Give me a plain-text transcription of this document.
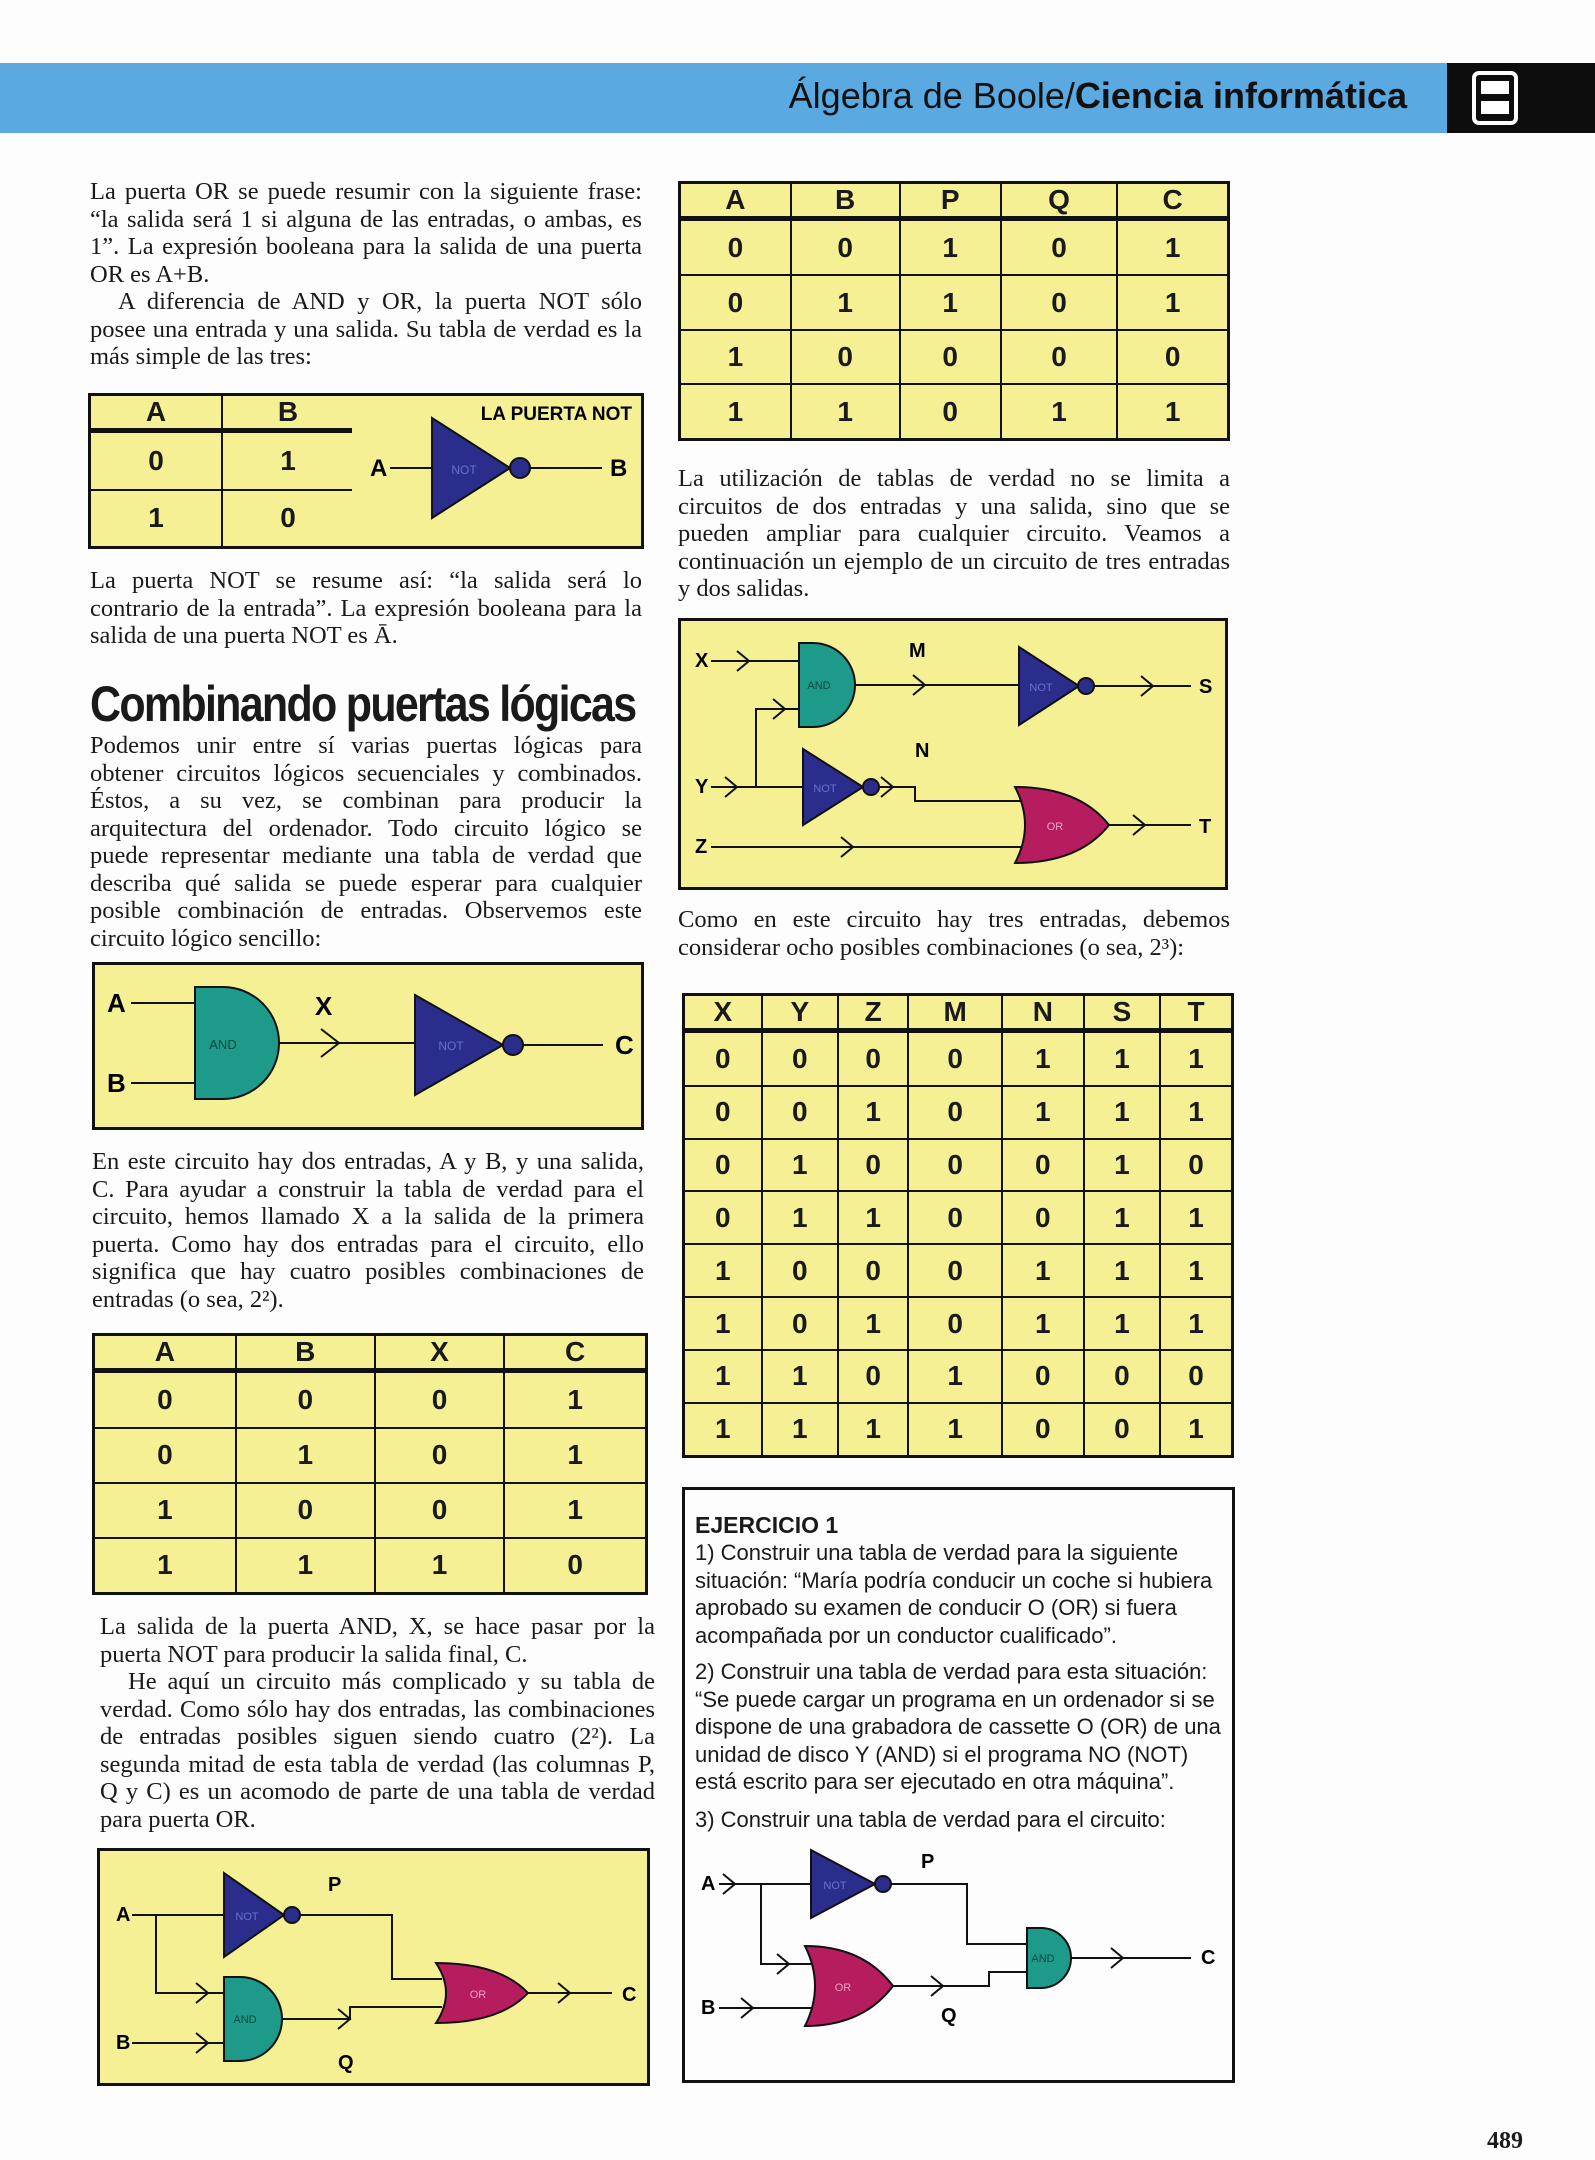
Álgebra de Boole/Ciencia informática

La puerta OR se puede resumir con la siguiente frase: “la salida será 1 si alguna de las entradas, o ambas, es 1”. La expresión booleana para la salida de una puerta OR es A+B.

A diferencia de AND y OR, la puerta NOT sólo posee una entrada y una salida. Su tabla de verdad es la más simple de las tres:

A	B
0	1
1	0
LA PUERTA NOT
A	NOT	B

La puerta NOT se resume así: “la salida será lo contrario de la entrada”. La expresión booleana para la salida de una puerta NOT es Ā.

Combinando puertas lógicas

Podemos unir entre sí varias puertas lógicas para obtener circuitos lógicos secuenciales y combinados. Éstos, a su vez, se combinan para producir la arquitectura del ordenador. Todo circuito lógico se puede representar mediante una tabla de verdad que describa qué salida se puede esperar para cualquier posible combinación de entradas. Observemos este circuito lógico sencillo:

A
B
AND
X
NOT	C

En este circuito hay dos entradas, A y B, y una salida, C. Para ayudar a construir la tabla de verdad para el circuito, hemos llamado X a la salida de la primera puerta. Como hay dos entradas para el circuito, ello significa que hay cuatro posibles combinaciones de entradas (o sea, 2²).

A	B	X	C
0	0	0	1
0	1	0	1
1	0	0	1
1	1	1	0

La salida de la puerta AND, X, se hace pasar por la puerta NOT para producir la salida final, C.

He aquí un circuito más complicado y su tabla de verdad. Como sólo hay dos entradas, las combinaciones de entradas posibles siguen siendo cuatro (2²). La segunda mitad de esta tabla de verdad (las columnas P, Q y C) es un acomodo de parte de una tabla de verdad para puerta OR.

A
B
NOT
P
AND
Q
OR	C
A	B	P	Q	C
0	0	1	0	1
0	1	1	0	1
1	0	0	0	0
1	1	0	1	1

La utilización de tablas de verdad no se limita a circuitos de dos entradas y una salida, sino que se pueden ampliar para cualquier circuito. Veamos a continuación un ejemplo de un circuito de tres entradas y dos salidas.

X
Y
Z
AND
M
NOT	S
NOT
N
OR	T

Como en este circuito hay tres entradas, debemos considerar ocho posibles combinaciones (o sea, 2³):

X	Y	Z	M	N	S	T
0	0	0	0	1	1	1
0	0	1	0	1	1	1
0	1	0	0	0	1	0
0	1	1	0	0	1	1
1	0	0	0	1	1	1
1	0	1	0	1	1	1
1	1	0	1	0	0	0
1	1	1	1	0	0	1

EJERCICIO 1

1) Construir una tabla de verdad para la siguiente situación: “María podría conducir un coche si hubiera aprobado su examen de conducir O (OR) si fuera acompañada por un conductor cualificado”.

2) Construir una tabla de verdad para esta situación: “Se puede cargar un programa en un ordenador si se dispone de una grabadora de cassette O (OR) de una unidad de disco Y (AND) si el programa NO (NOT) está escrito para ser ejecutado en otra máquina”.

3) Construir una tabla de verdad para el circuito:

A
B
NOT
P
OR
Q
AND	C
489
